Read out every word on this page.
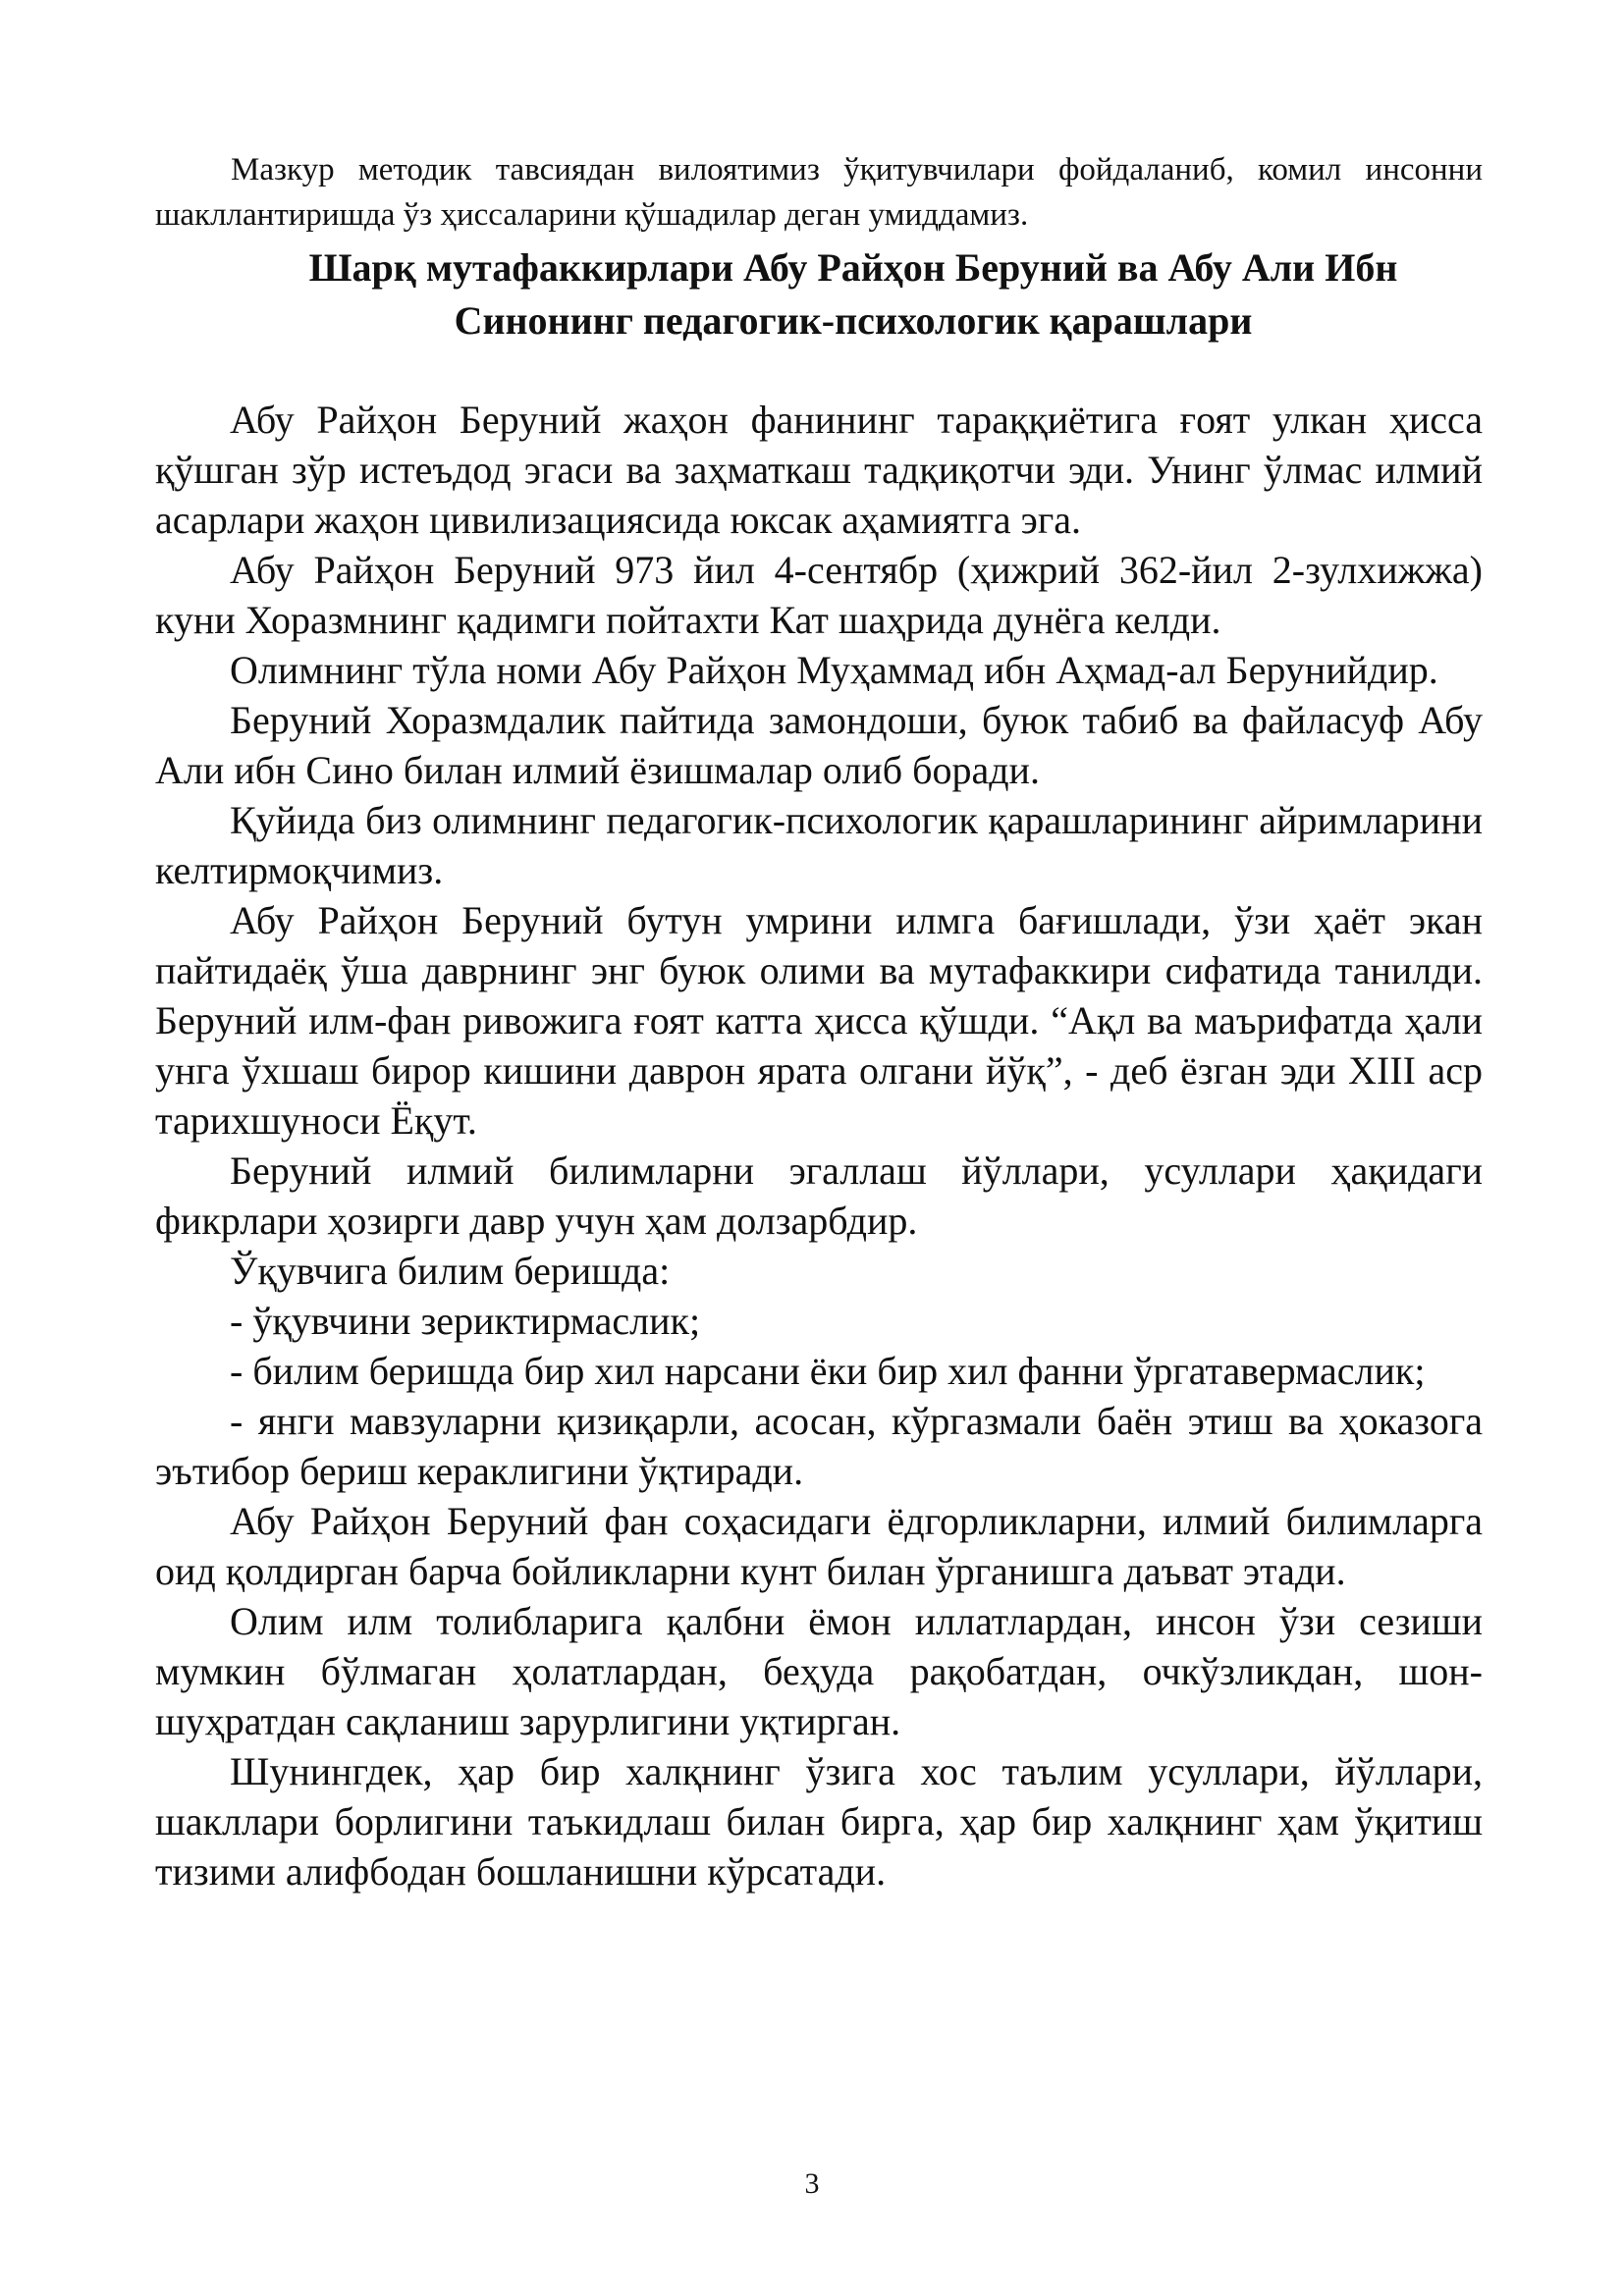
Мазкур методик тавсиядан вилоятимиз ўқитувчилари фойдаланиб, комил инсонни шакллантиришда ўз ҳиссаларини қўшадилар деган умиддамиз.

Шарқ мутафаккирлари Абу Райҳон Беруний ва Абу Али Ибн
Синонинг педагогик-психологик қарашлари

Абу Райҳон Беруний жаҳон фанининг тараққиётига ғоят улкан ҳисса қўшган зўр истеъдод эгаси ва заҳматкаш тадқиқотчи эди. Унинг ўлмас илмий асарлари жаҳон цивилизациясида юксак аҳамиятга эга.

Абу Райҳон Беруний 973 йил 4-сентябр (ҳижрий 362-йил 2-зулхижжа) куни Хоразмнинг қадимги пойтахти Кат шаҳрида дунёга келди.

Олимнинг тўла номи Абу Райҳон Муҳаммад ибн Аҳмад-ал Берунийдир.

Беруний Хоразмдалик пайтида замондоши, буюк табиб ва файласуф Абу Али ибн Сино билан илмий ёзишмалар олиб боради.

Қуйида биз олимнинг педагогик-психологик қарашларининг айримларини келтирмоқчимиз.

Абу Райҳон Беруний бутун умрини илмга бағишлади, ўзи ҳаёт экан пайтидаёқ ўша даврнинг энг буюк олими ва мутафаккири сифатида танилди. Беруний илм-фан ривожига ғоят катта ҳисса қўшди. “Ақл ва маърифатда ҳали унга ўхшаш бирор кишини даврон ярата олгани йўқ”, - деб ёзган эди XIII аср тарихшуноси Ёқут.

Беруний илмий билимларни эгаллаш йўллари, усуллари ҳақидаги фикрлари ҳозирги давр учун ҳам долзарбдир.

Ўқувчига билим беришда:

- ўқувчини зериктирмаслик;

- билим беришда бир хил нарсани ёки бир хил фанни ўргатавермаслик;

- янги мавзуларни қизиқарли, асосан, кўргазмали баён этиш ва ҳоказога эътибор бериш кераклигини ўқтиради.

Абу Райҳон Беруний фан соҳасидаги ёдгорликларни, илмий билимларга оид қолдирган барча бойликларни кунт билан ўрганишга даъват этади.

Олим илм толибларига қалбни ёмон иллатлардан, инсон ўзи сезиши мумкин бўлмаган ҳолатлардан, беҳуда рақобатдан, очкўзликдан, шон-шуҳратдан сақланиш зарурлигини уқтирган.

Шунингдек, ҳар бир халқнинг ўзига хос таълим усуллари, йўллари, шакллари борлигини таъкидлаш билан бирга, ҳар бир халқнинг ҳам ўқитиш тизими алифбодан бошланишни кўрсатади.

3
